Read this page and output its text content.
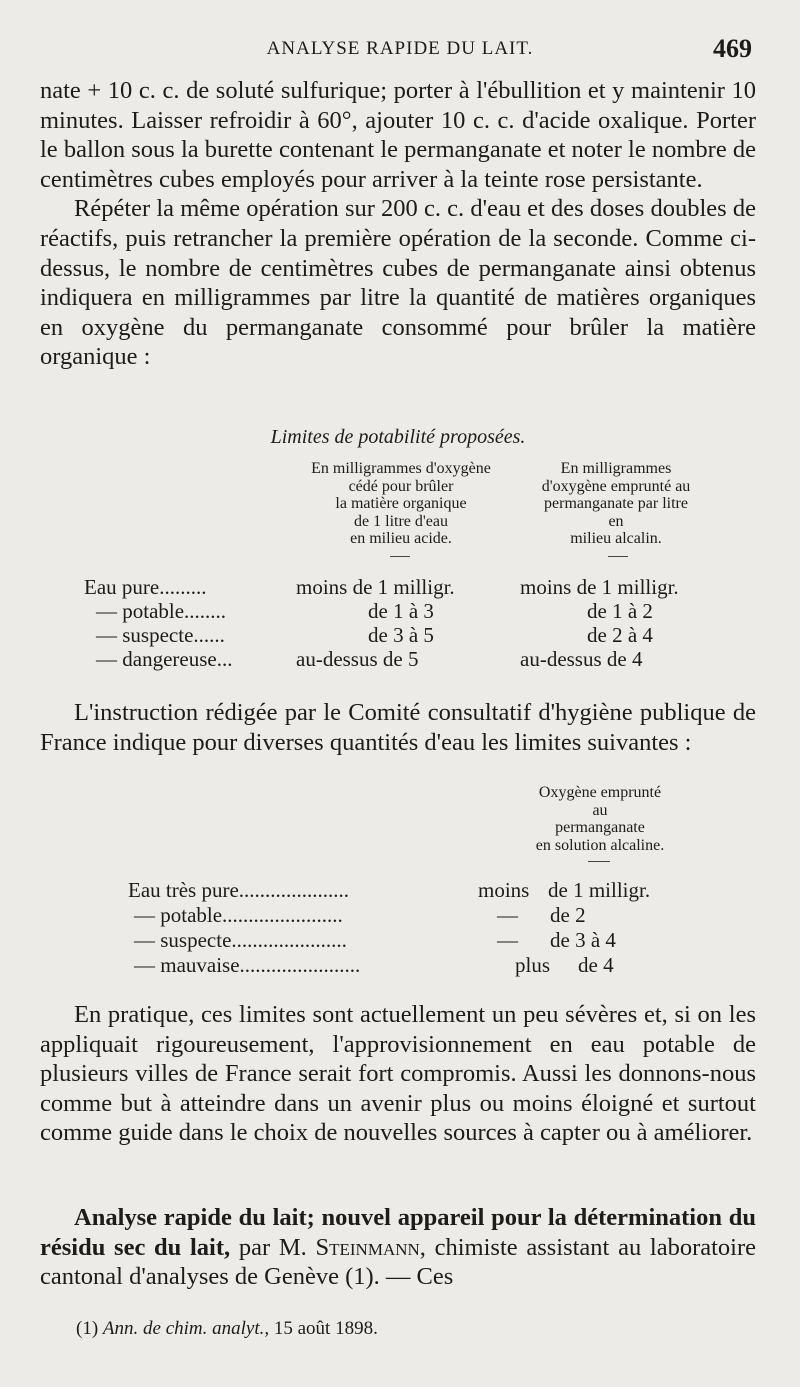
ANALYSE RAPIDE DU LAIT.	469

nate + 10 c. c. de soluté sulfurique; porter à l'ébullition et y maintenir 10 minutes. Laisser refroidir à 60°, ajouter 10 c. c. d'acide oxalique. Porter le ballon sous la burette contenant le permanganate et noter le nombre de centimètres cubes employés pour arriver à la teinte rose persistante.

Répéter la même opération sur 200 c. c. d'eau et des doses doubles de réactifs, puis retrancher la première opération de la seconde. Comme ci-dessus, le nombre de centimètres cubes de permanganate ainsi obtenus indiquera en milligrammes par litre la quantité de matières organiques en oxygène du permanganate consommé pour brûler la matière organique :

Limites de potabilité proposées.
En milligrammes d'oxygène
cédé pour brûler
la matière organique
de 1 litre d'eau
en milieu acide.
En milligrammes
d'oxygène emprunté au
permanganate par litre
en
milieu alcalin.
Eau pure.........	moins de 1 milligr.	moins de 1 milligr.
— potable........	de 1 à 3	de 1 à 2
— suspecte......	de 3 à 5	de 2 à 4
— dangereuse...	au-dessus de 5	au-dessus de 4

L'instruction rédigée par le Comité consultatif d'hygiène publique de France indique pour diverses quantités d'eau les limites suivantes :

Oxygène emprunté
au
permanganate
en solution alcaline.
Eau très pure.....................	moins de 1 milligr.
— potable.......................	— de 2
— suspecte......................	— de 3 à 4
— mauvaise.......................	plus de 4

En pratique, ces limites sont actuellement un peu sévères et, si on les appliquait rigoureusement, l'approvisionnement en eau potable de plusieurs villes de France serait fort compromis. Aussi les donnons-nous comme but à atteindre dans un avenir plus ou moins éloigné et surtout comme guide dans le choix de nouvelles sources à capter ou à améliorer.

Analyse rapide du lait; nouvel appareil pour la détermination du résidu sec du lait, par M. Steinmann, chimiste assistant au laboratoire cantonal d'analyses de Genève (1). — Ces

(1) Ann. de chim. analyt., 15 août 1898.
